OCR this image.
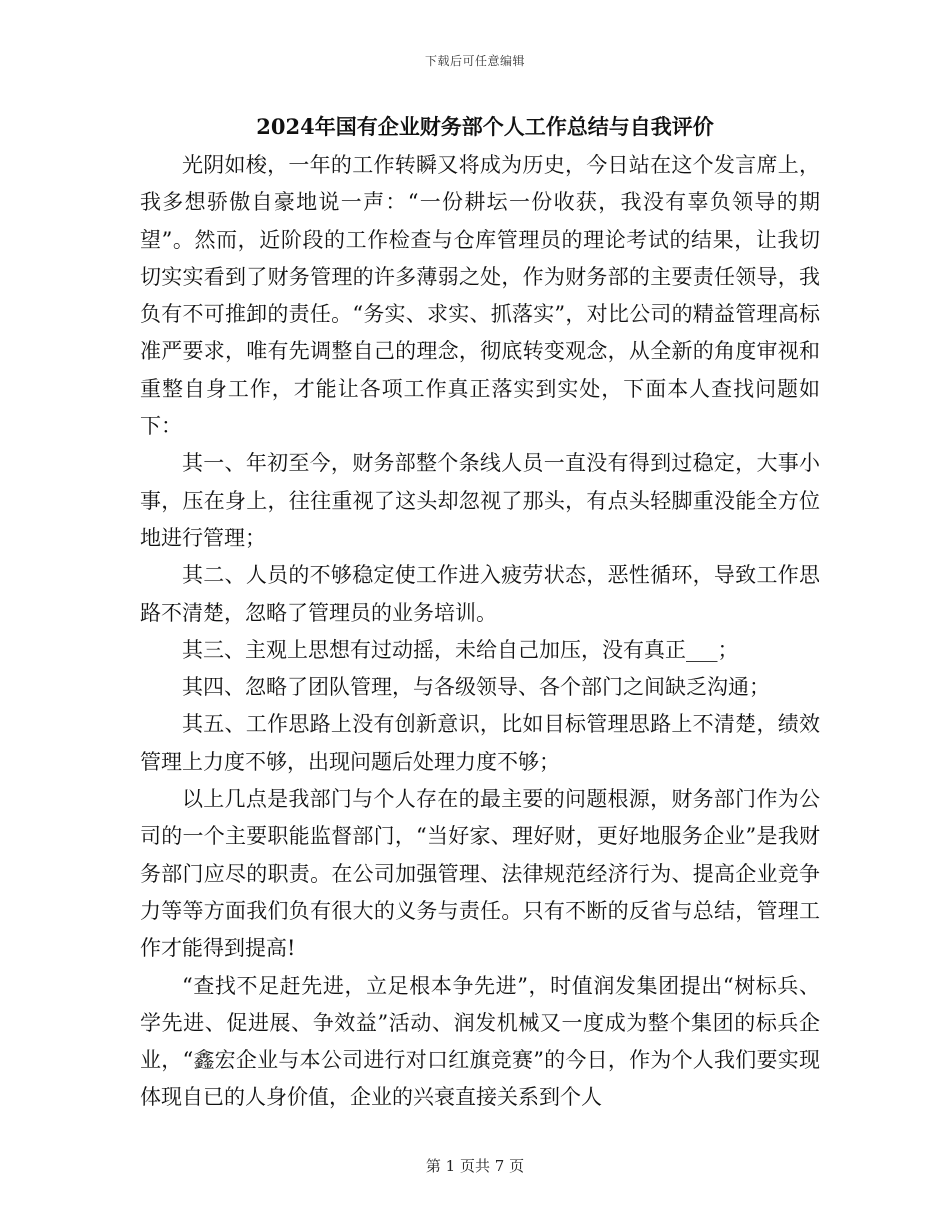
下载后可任意编辑
2024年国有企业财务部个人工作总结与自我评价

光阴如梭，一年的工作转瞬又将成为历史，今日站在这个发言席上，我多想骄傲自豪地说一声：“一份耕坛一份收获，我没有辜负领导的期望”。然而，近阶段的工作检查与仓库管理员的理论考试的结果，让我切切实实看到了财务管理的许多薄弱之处，作为财务部的主要责任领导，我负有不可推卸的责任。“务实、求实、抓落实”，对比公司的精益管理高标准严要求，唯有先调整自己的理念，彻底转变观念，从全新的角度审视和重整自身工作，才能让各项工作真正落实到实处，下面本人查找问题如下：

其一、年初至今，财务部整个条线人员一直没有得到过稳定，大事小事，压在身上，往往重视了这头却忽视了那头，有点头轻脚重没能全方位地进行管理；

其二、人员的不够稳定使工作进入疲劳状态，恶性循环，导致工作思路不清楚，忽略了管理员的业务培训。

其三、主观上思想有过动摇，未给自己加压，没有真正___；

其四、忽略了团队管理，与各级领导、各个部门之间缺乏沟通；

其五、工作思路上没有创新意识，比如目标管理思路上不清楚，绩效管理上力度不够，出现问题后处理力度不够；

以上几点是我部门与个人存在的最主要的问题根源，财务部门作为公司的一个主要职能监督部门，“当好家、理好财，更好地服务企业”是我财务部门应尽的职责。在公司加强管理、法律规范经济行为、提高企业竞争力等等方面我们负有很大的义务与责任。只有不断的反省与总结，管理工作才能得到提高!

“查找不足赶先进，立足根本争先进”，时值润发集团提出“树标兵、学先进、促进展、争效益”活动、润发机械又一度成为整个集团的标兵企业，“鑫宏企业与本公司进行对口红旗竞赛”的今日，作为个人我们要实现体现自已的人身价值，企业的兴衰直接关系到个人

第 1 页共 7 页
